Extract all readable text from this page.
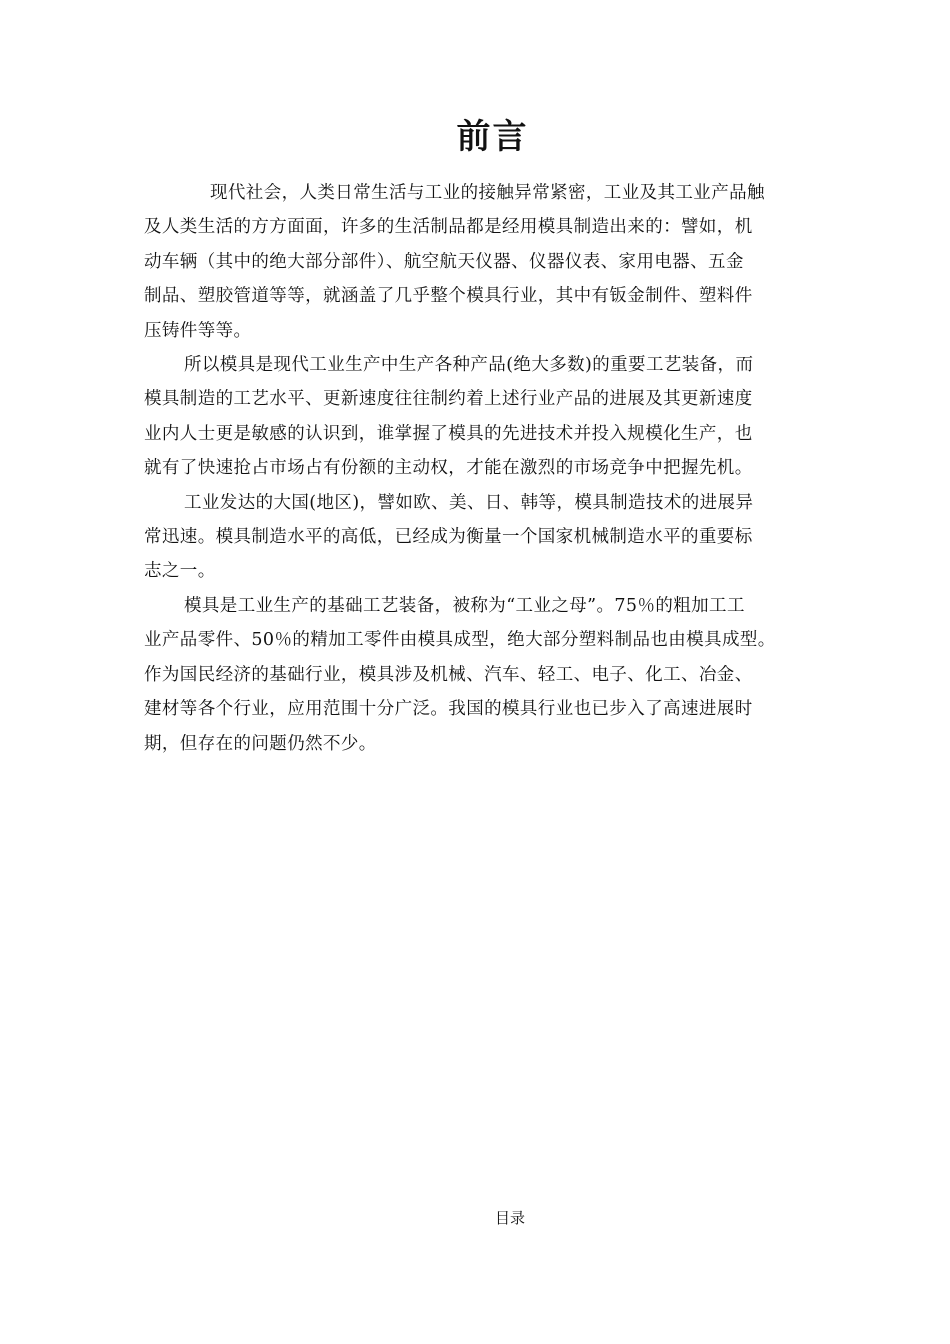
前言

现代社会，人类日常生活与工业的接触异常紧密，工业及其工业产品触
及人类生活的方方面面，许多的生活制品都是经用模具制造出来的：譬如，机
动车辆（其中的绝大部分部件）、航空航天仪器、仪器仪表、家用电器、五金
制品、塑胶管道等等，就涵盖了几乎整个模具行业，其中有钣金制件、塑料件
压铸件等等。

所以模具是现代工业生产中生产各种产品(绝大多数)的重要工艺装备，而
模具制造的工艺水平、更新速度往往制约着上述行业产品的进展及其更新速度
业内人士更是敏感的认识到，谁掌握了模具的先进技术并投入规模化生产，也
就有了快速抢占市场占有份额的主动权，才能在激烈的市场竞争中把握先机。

工业发达的大国(地区)，譬如欧、美、日、韩等，模具制造技术的进展异
常迅速。模具制造水平的高低，已经成为衡量一个国家机械制造水平的重要标
志之一。

模具是工业生产的基础工艺装备，被称为“工业之母”。75％的粗加工工
业产品零件、50％的精加工零件由模具成型，绝大部分塑料制品也由模具成型。
作为国民经济的基础行业，模具涉及机械、汽车、轻工、电子、化工、冶金、
建材等各个行业，应用范围十分广泛。我国的模具行业也已步入了高速进展时
期，但存在的问题仍然不少。

目录
